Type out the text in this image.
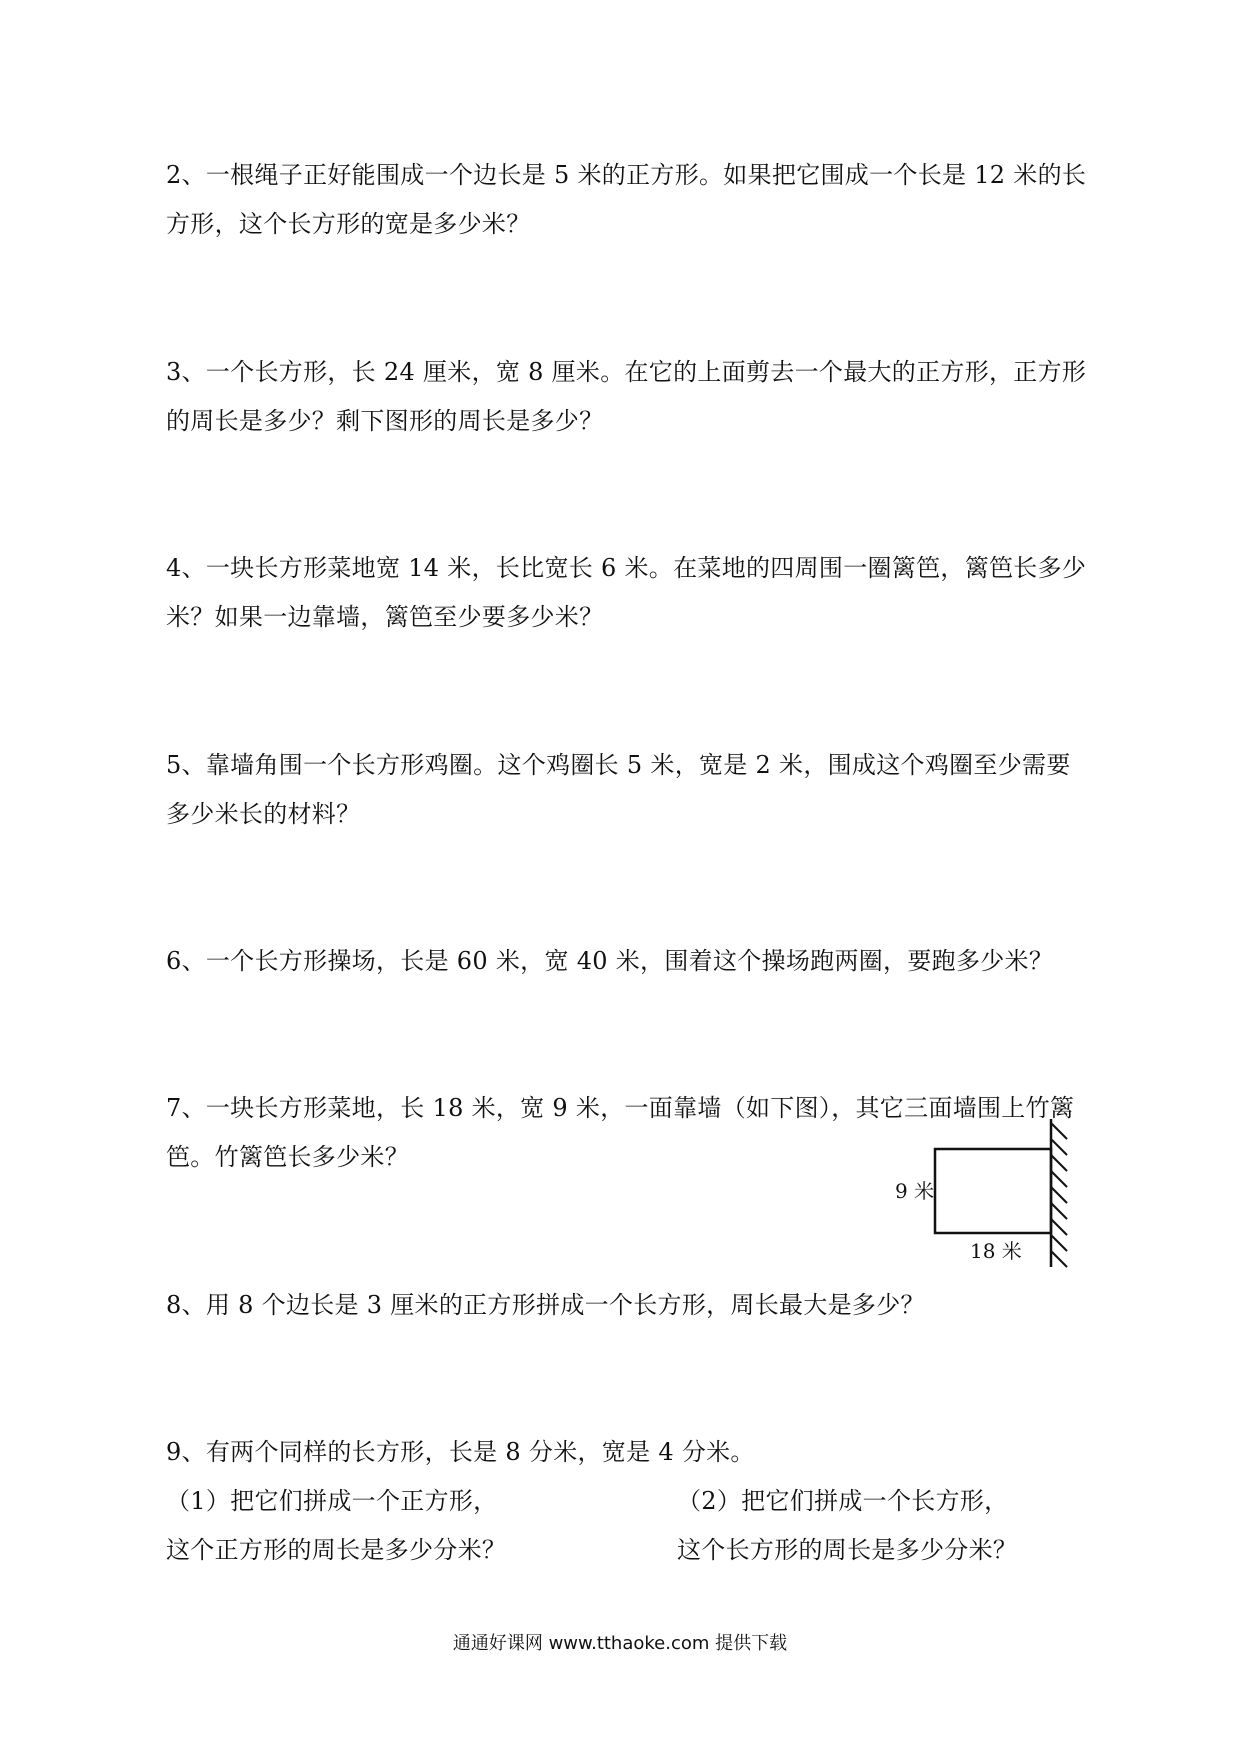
2、一根绳子正好能围成一个边长是 5 米的正方形。如果把它围成一个长是 12 米的长
方形，这个长方形的宽是多少米？
3、一个长方形，长 24 厘米，宽 8 厘米。在它的上面剪去一个最大的正方形，正方形
的周长是多少？剩下图形的周长是多少？
4、一块长方形菜地宽 14 米，长比宽长 6 米。在菜地的四周围一圈篱笆，篱笆长多少
米？如果一边靠墙，篱笆至少要多少米？
5、靠墙角围一个长方形鸡圈。这个鸡圈长 5 米，宽是 2 米，围成这个鸡圈至少需要
多少米长的材料？
6、一个长方形操场，长是 60 米，宽 40 米，围着这个操场跑两圈，要跑多少米？
7、一块长方形菜地，长 18 米，宽 9 米，一面靠墙（如下图），其它三面墙围上竹篱
笆。竹篱笆长多少米？
9 米
18 米
8、用 8 个边长是 3 厘米的正方形拼成一个长方形，周长最大是多少？
9、有两个同样的长方形，长是 8 分米，宽是 4 分米。
（1）把它们拼成一个正方形，	（2）把它们拼成一个长方形，
这个正方形的周长是多少分米？	这个长方形的周长是多少分米？
通通好课网 www.tthaoke.com 提供下载
